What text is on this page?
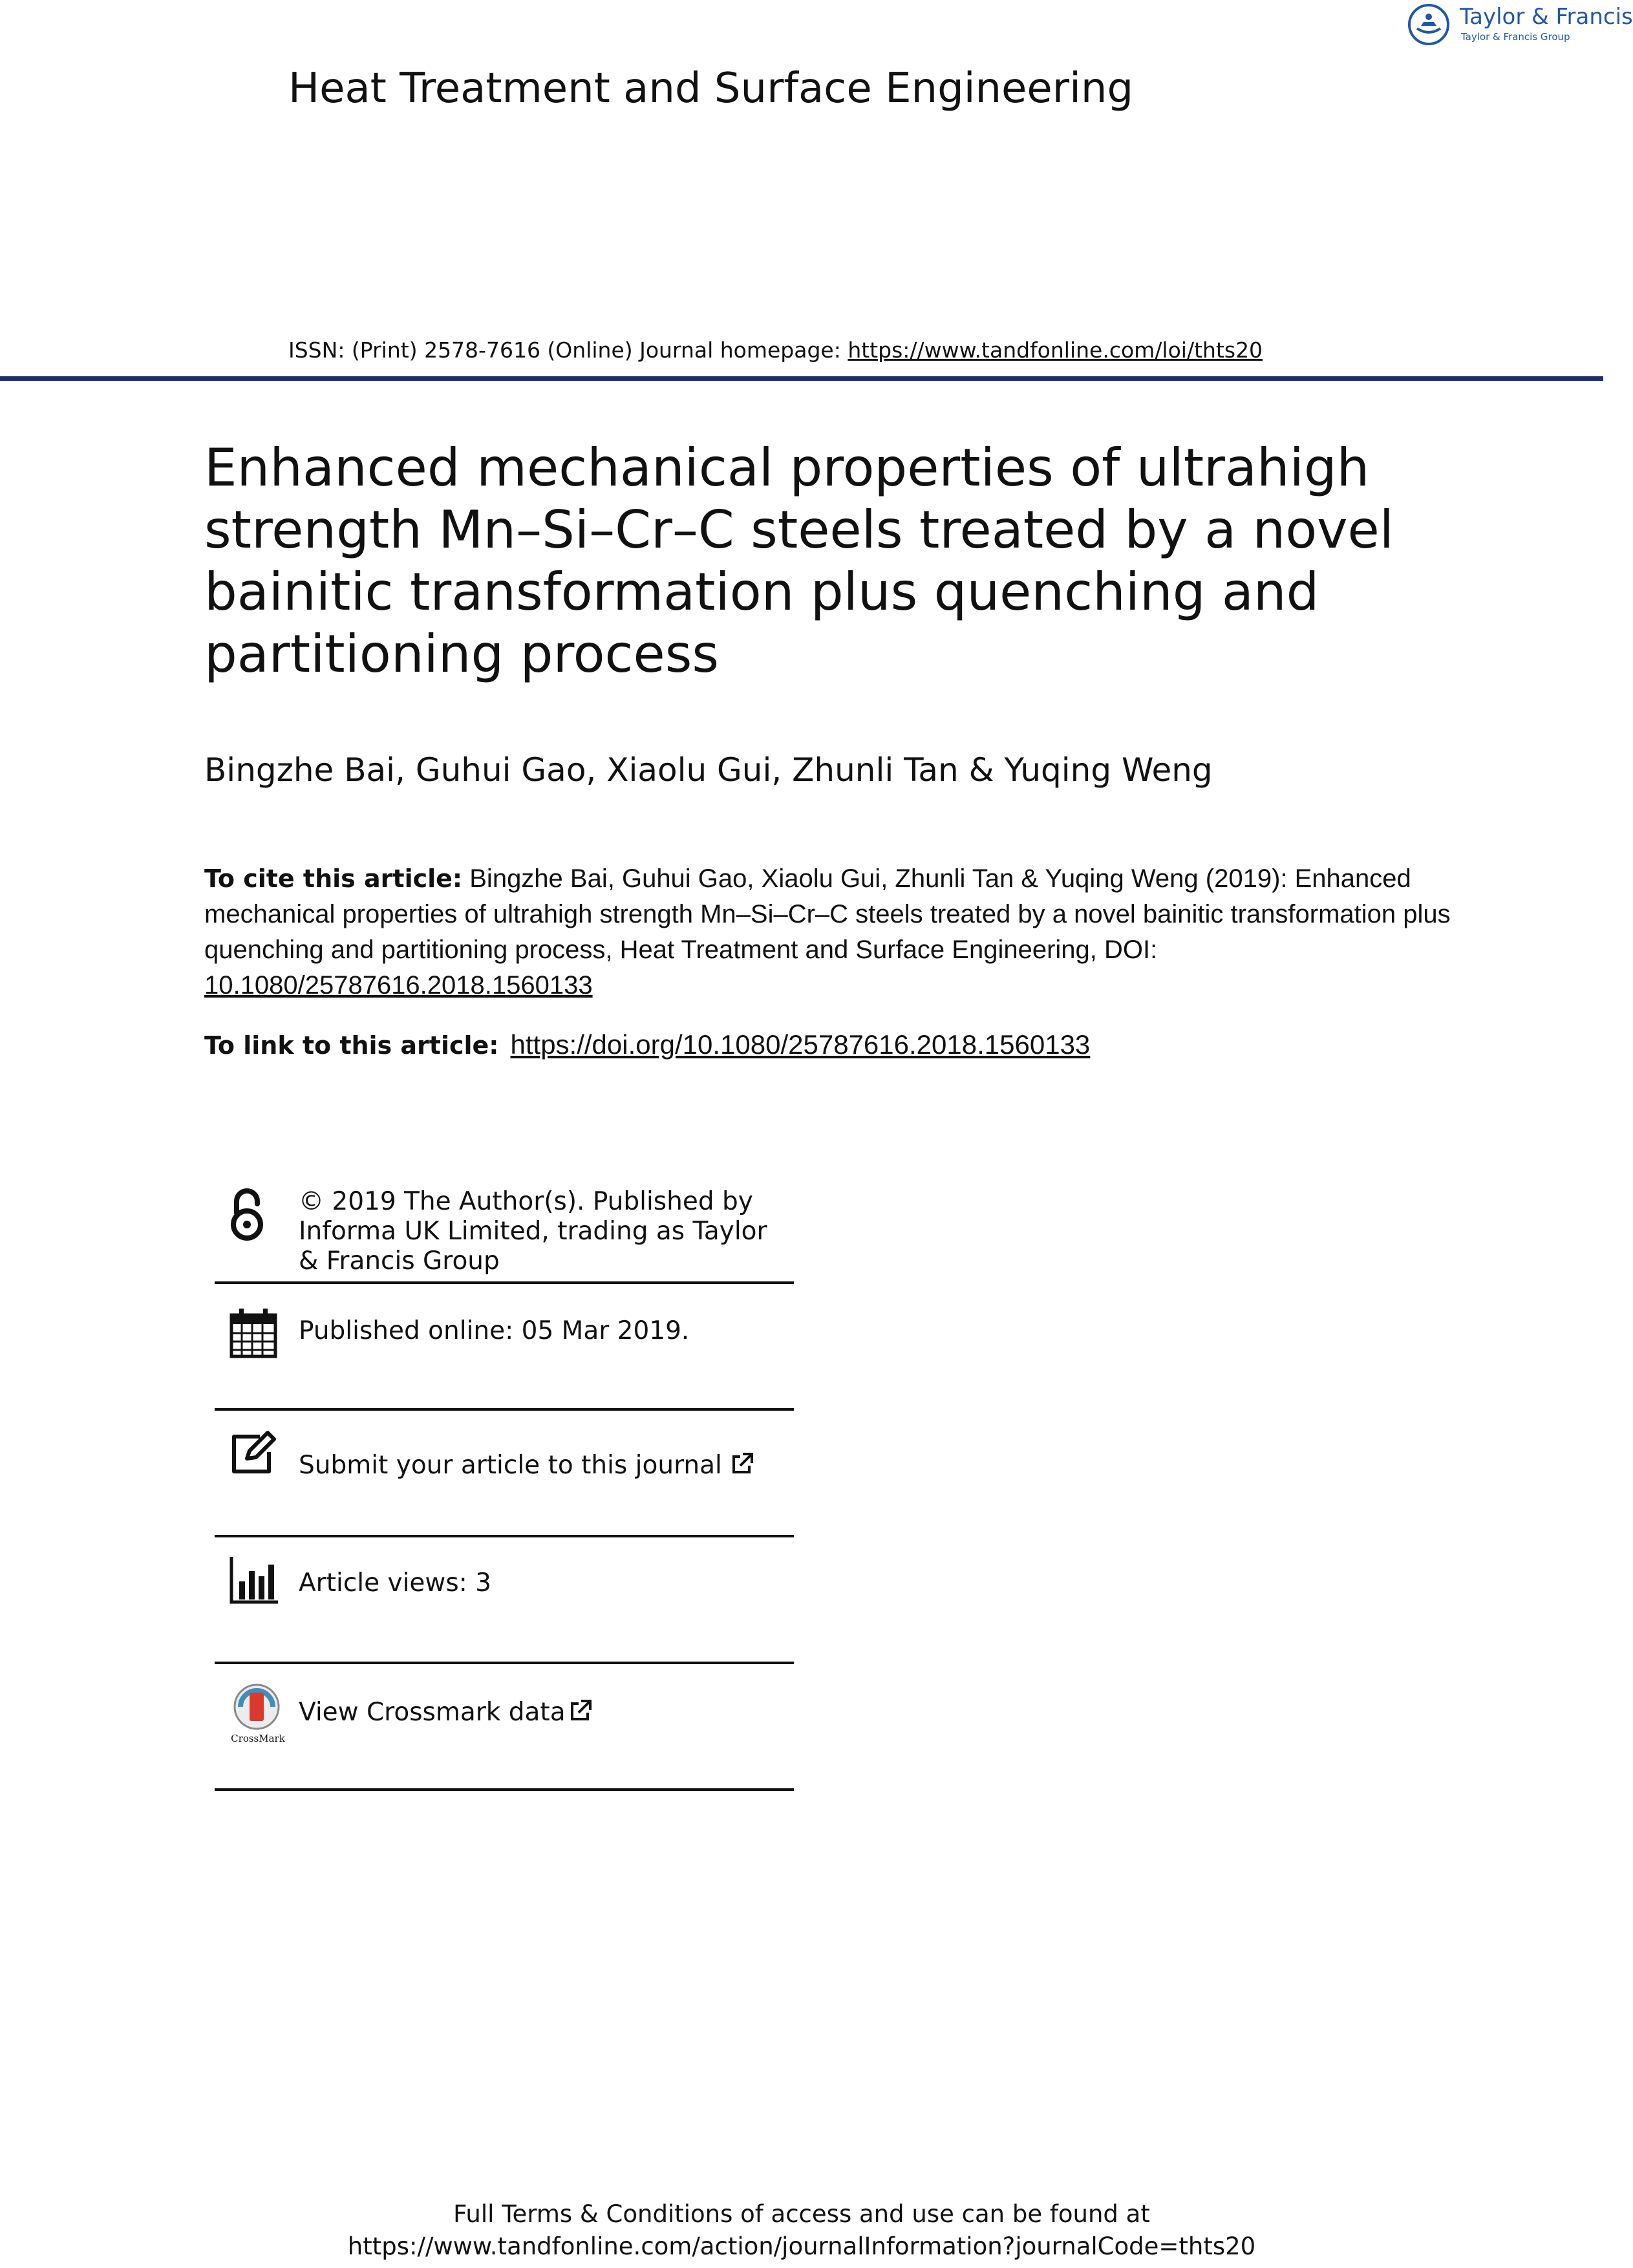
Taylor & Francis
Taylor & Francis Group
Heat Treatment and Surface Engineering
ISSN: (Print) 2578-7616 (Online) Journal homepage: https://www.tandfonline.com/loi/thts20
Enhanced mechanical properties of ultrahigh strength Mn–Si–Cr–C steels treated by a novel bainitic transformation plus quenching and partitioning process
Bingzhe Bai, Guhui Gao, Xiaolu Gui, Zhunli Tan & Yuqing Weng
To cite this article: Bingzhe Bai, Guhui Gao, Xiaolu Gui, Zhunli Tan & Yuqing Weng (2019): Enhanced mechanical properties of ultrahigh strength Mn–Si–Cr–C steels treated by a novel bainitic transformation plus quenching and partitioning process, Heat Treatment and Surface Engineering, DOI: 10.1080/25787616.2018.1560133
To link to this article: https://doi.org/10.1080/25787616.2018.1560133
© 2019 The Author(s). Published by Informa UK Limited, trading as Taylor & Francis Group
Published online: 05 Mar 2019.
Submit your article to this journal
Article views: 3
CrossMark
View Crossmark data
Full Terms & Conditions of access and use can be found at
https://www.tandfonline.com/action/journalInformation?journalCode=thts20
